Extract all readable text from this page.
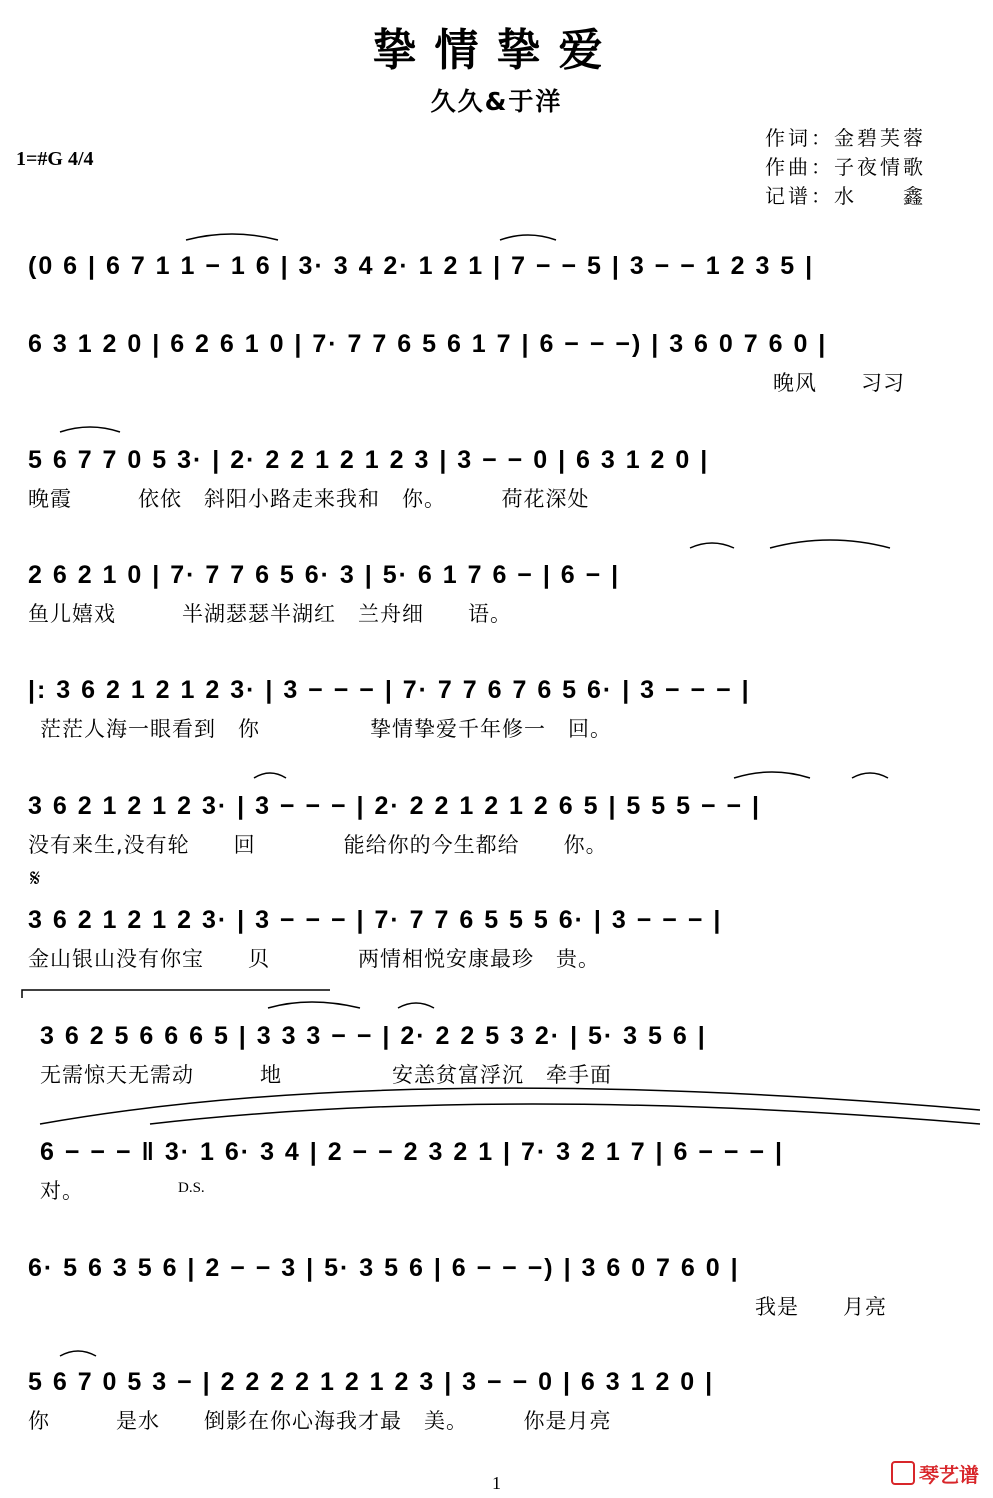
挚情挚爱
久久&于洋
1=#G 4/4
作词：金碧芙蓉
作曲：子夜情歌
记谱：水　　鑫
(0 6 | 6 7 1 1 − 1 6 | 3· 3 4 2· 1 2 1 | 7 − − 5 | 3 − − 1 2 3 5 |
6 3 1 2 0 | 6 2 6 1 0 | 7· 7 7 6 5 6 1 7 | 6 − − −) | 3 6 0 7 6 0 |
晚风　　习习
5 6 7 7 0 5 3· | 2· 2 2 1 2 1 2 3 | 3 − − 0 | 6 3 1 2 0 |
晚霞　　　依依　斜阳小路走来我和　你。　　　荷花深处
2 6 2 1 0 | 7· 7 7 6 5 6· 3 | 5· 6 1 7 6 − | 6 − |
鱼儿嬉戏　　　半湖瑟瑟半湖红　兰舟细　　语。
|: 3 6 2 1 2 1 2 3· | 3 − − − | 7· 7 7 6 7 6 5 6· | 3 − − − |
茫茫人海一眼看到　你　　　　　挚情挚爱千年修一　回。
3 6 2 1 2 1 2 3· | 3 − − − | 2· 2 2 1 2 1 2 6 5 | 5 5 5 − − |
没有来生,没有轮　　回　　　　能给你的今生都给　　你。
𝄋
3 6 2 1 2 1 2 3· | 3 − − − | 7· 7 7 6 5 5 5 6· | 3 − − − |
金山银山没有你宝　　贝　　　　两情相悦安康最珍　贵。
3 6 2 5 6 6 6 5 | 3 3 3 − − | 2· 2 2 5 3 2· | 5· 3 5 6 |
无需惊天无需动　　　地　　　　　安恙贫富浮沉　牵手面
6 − − − ‖ 3· 1 6· 3 4 | 2 − − 2 3 2 1 | 7· 3 2 1 7 | 6 − − − |
对。	D.S.
6· 5 6 3 5 6 | 2 − − 3 | 5· 3 5 6 | 6 − − −) | 3 6 0 7 6 0 |
我是　　月亮
5 6 7 0 5 3 − | 2 2 2 2 1 2 1 2 3 | 3 − − 0 | 6 3 1 2 0 |
你　　　是水　　倒影在你心海我才最　美。　　　你是月亮
1	琴艺谱
